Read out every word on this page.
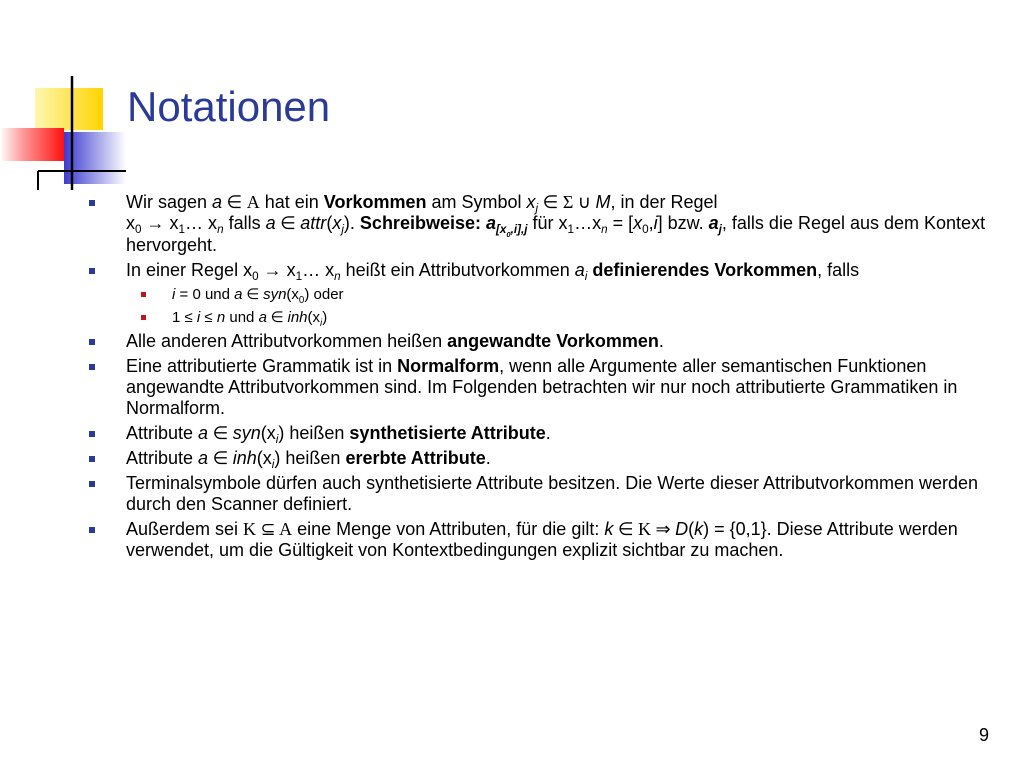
Notationen
Wir sagen a ∈ Α hat ein Vorkommen am Symbol $x_j$ ∈ Σ ∪ M, in der Regel
$x_0$ → $x_1\dots$ $x_n$ falls a ∈ $attr(x_j)$. Schreibweise: $a_{[x_0,i],j}$ für $x_1\dots x_n = [x_0,i]$ bzw. $a_j$, falls die Regel aus dem Kontext hervorgeht.
In einer Regel $x_0$ → $x_1\dots$ $x_n$ heißt ein Attributvorkommen $a_i$ definierendes Vorkommen, falls
i = 0 und a ∈ $syn(x_0)$ oder
1 ≤ i ≤ n und a ∈ $inh(x_i)$
Alle anderen Attributvorkommen heißen angewandte Vorkommen.
Eine attributierte Grammatik ist in Normalform, wenn alle Argumente aller semantischen Funktionen angewandte Attributvorkommen sind. Im Folgenden betrachten wir nur noch attributierte Grammatiken in Normalform.
Attribute a ∈ $syn(x_i)$ heißen synthetisierte Attribute.
Attribute a ∈ $inh(x_i)$ heißen ererbte Attribute.
Terminalsymbole dürfen auch synthetisierte Attribute besitzen. Die Werte dieser Attributvorkommen werden durch den Scanner definiert.
Außerdem sei Κ ⊆ Α eine Menge von Attributen, für die gilt: k ∈ Κ ⇒ D(k) = {0,1}. Diese Attribute werden verwendet, um die Gültigkeit von Kontextbedingungen explizit sichtbar zu machen.
9
